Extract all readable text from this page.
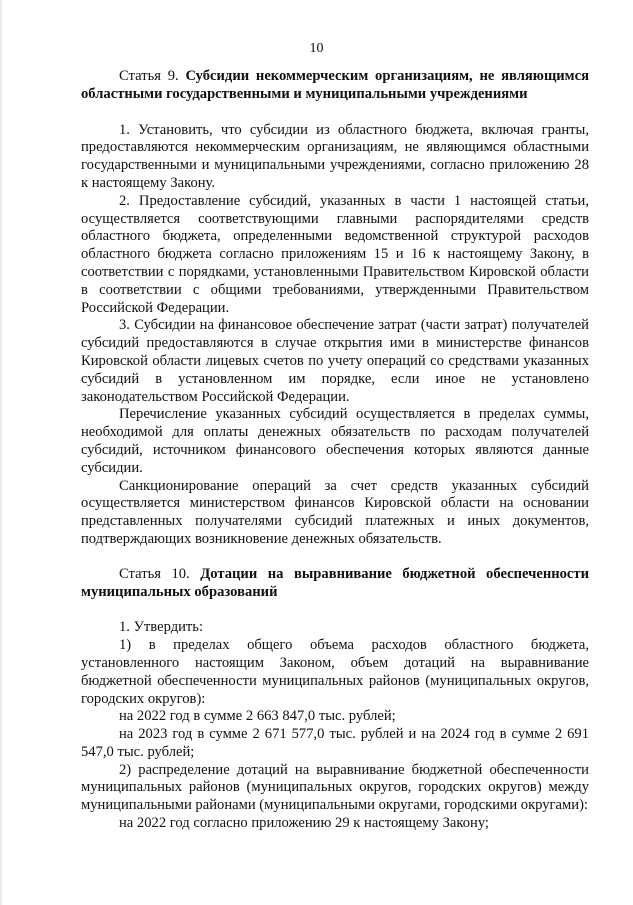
10

Статья 9. Субсидии некоммерческим организациям, не являющимся областными государственными и муниципальными учреждениями

1. Установить, что субсидии из областного бюджета, включая гранты, предоставляются некоммерческим организациям, не являющимся областными государственными и муниципальными учреждениями, согласно приложению 28 к настоящему Закону.

2. Предоставление субсидий, указанных в части 1 настоящей статьи, осуществляется соответствующими главными распорядителями средств областного бюджета, определенными ведомственной структурой расходов областного бюджета согласно приложениям 15 и 16 к настоящему Закону, в соответствии с порядками, установленными Правительством Кировской области в соответствии с общими требованиями, утвержденными Правительством Российской Федерации.

3. Субсидии на финансовое обеспечение затрат (части затрат) получателей субсидий предоставляются в случае открытия ими в министерстве финансов Кировской области лицевых счетов по учету операций со средствами указанных субсидий в установленном им порядке, если иное не установлено законодательством Российской Федерации.

Перечисление указанных субсидий осуществляется в пределах суммы, необходимой для оплаты денежных обязательств по расходам получателей субсидий, источником финансового обеспечения которых являются данные субсидии.

Санкционирование операций за счет средств указанных субсидий осуществляется министерством финансов Кировской области на основании представленных получателями субсидий платежных и иных документов, подтверждающих возникновение денежных обязательств.

Статья 10. Дотации на выравнивание бюджетной обеспеченности муниципальных образований

1. Утвердить:

1) в пределах общего объема расходов областного бюджета, установленного настоящим Законом, объем дотаций на выравнивание бюджетной обеспеченности муниципальных районов (муниципальных округов, городских округов):

на 2022 год в сумме 2 663 847,0 тыс. рублей;

на 2023 год в сумме 2 671 577,0 тыс. рублей и на 2024 год в сумме 2 691 547,0 тыс. рублей;

2) распределение дотаций на выравнивание бюджетной обеспеченности муниципальных районов (муниципальных округов, городских округов) между муниципальными районами (муниципальными округами, городскими округами):

на 2022 год согласно приложению 29 к настоящему Закону;
